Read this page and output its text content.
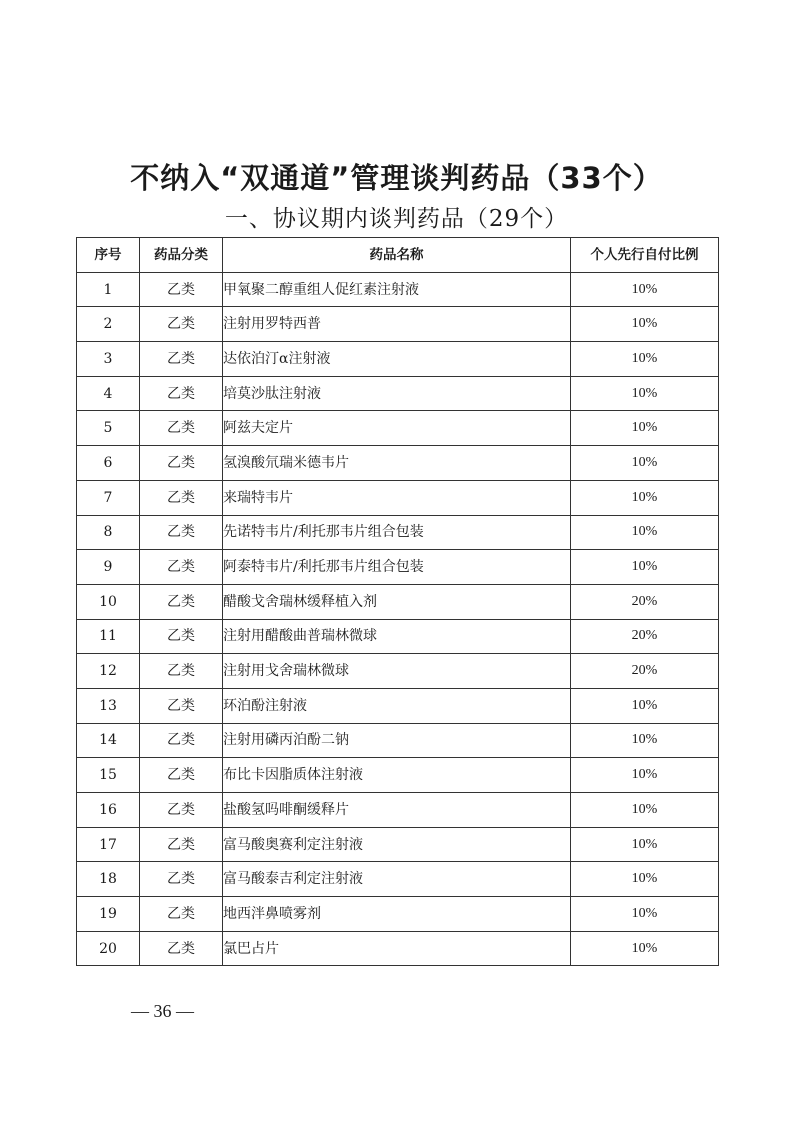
不纳入“双通道”管理谈判药品（33个）
一、协议期内谈判药品（29个）
序号	药品分类	药品名称	个人先行自付比例
1	乙类	甲氧聚二醇重组人促红素注射液	10%
2	乙类	注射用罗特西普	10%
3	乙类	达依泊汀α注射液	10%
4	乙类	培莫沙肽注射液	10%
5	乙类	阿兹夫定片	10%
6	乙类	氢溴酸氘瑞米德韦片	10%
7	乙类	来瑞特韦片	10%
8	乙类	先诺特韦片/利托那韦片组合包装	10%
9	乙类	阿泰特韦片/利托那韦片组合包装	10%
10	乙类	醋酸戈舍瑞林缓释植入剂	20%
11	乙类	注射用醋酸曲普瑞林微球	20%
12	乙类	注射用戈舍瑞林微球	20%
13	乙类	环泊酚注射液	10%
14	乙类	注射用磷丙泊酚二钠	10%
15	乙类	布比卡因脂质体注射液	10%
16	乙类	盐酸氢吗啡酮缓释片	10%
17	乙类	富马酸奥赛利定注射液	10%
18	乙类	富马酸泰吉利定注射液	10%
19	乙类	地西泮鼻喷雾剂	10%
20	乙类	氯巴占片	10%
— 36 —
